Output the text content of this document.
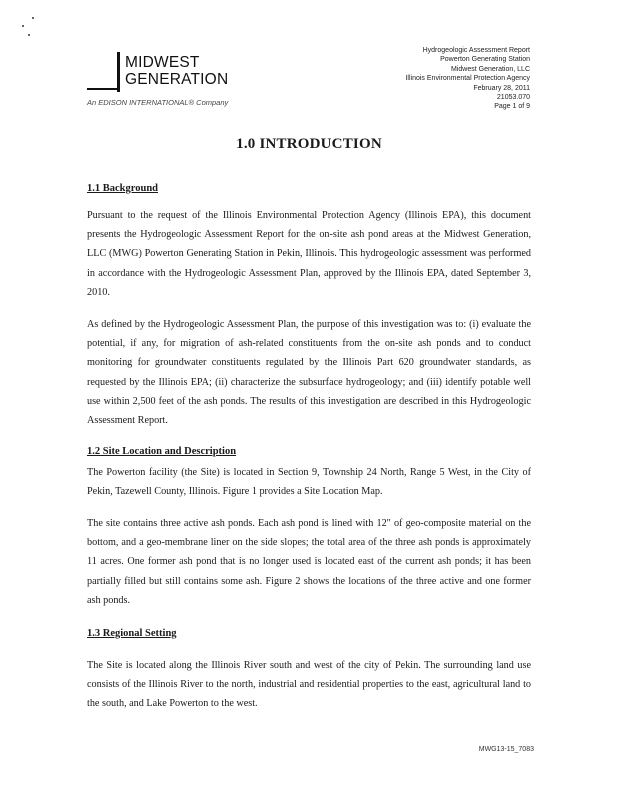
MIDWEST
GENERATION
An EDISON INTERNATIONAL® Company
Hydrogeologic Assessment Report
Powerton Generating Station
Midwest Generation, LLC
Illinois Environmental Protection Agency
February 28, 2011
21053.070
Page 1 of 9
1.0 INTRODUCTION
1.1 Background
Pursuant to the request of the Illinois Environmental Protection Agency (Illinois EPA), this document presents the Hydrogeologic Assessment Report for the on-site ash pond areas at the Midwest Generation, LLC (MWG) Powerton Generating Station in Pekin, Illinois. This hydrogeologic assessment was performed in accordance with the Hydrogeologic Assessment Plan, approved by the Illinois EPA, dated September 3, 2010.
As defined by the Hydrogeologic Assessment Plan, the purpose of this investigation was to: (i) evaluate the potential, if any, for migration of ash-related constituents from the on-site ash ponds and to conduct monitoring for groundwater constituents regulated by the Illinois Part 620 groundwater standards, as requested by the Illinois EPA; (ii) characterize the subsurface hydrogeology; and (iii) identify potable well use within 2,500 feet of the ash ponds. The results of this investigation are described in this Hydrogeologic Assessment Report.
1.2 Site Location and Description
The Powerton facility (the Site) is located in Section 9, Township 24 North, Range 5 West, in the City of Pekin, Tazewell County, Illinois. Figure 1 provides a Site Location Map.
The site contains three active ash ponds. Each ash pond is lined with 12" of geo-composite material on the bottom, and a geo-membrane liner on the side slopes; the total area of the three ash ponds is approximately 11 acres. One former ash pond that is no longer used is located east of the current ash ponds; it has been partially filled but still contains some ash. Figure 2 shows the locations of the three active and one former ash ponds.
1.3 Regional Setting
The Site is located along the Illinois River south and west of the city of Pekin. The surrounding land use consists of the Illinois River to the north, industrial and residential properties to the east, agricultural land to the south, and Lake Powerton to the west.
MWG13-15_7083
